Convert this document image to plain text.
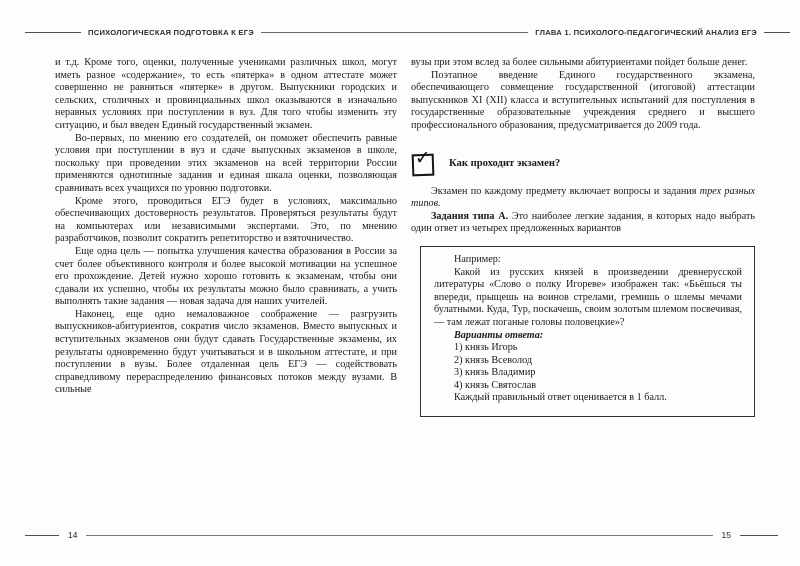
ПСИХОЛОГИЧЕСКАЯ ПОДГОТОВКА К ЕГЭ	ГЛАВА 1. ПСИХОЛОГО-ПЕДАГОГИЧЕСКИЙ АНАЛИЗ ЕГЭ

и т.д. Кроме того, оценки, полученные учениками различных школ, могут иметь разное «содержание», то есть «пятерка» в одном аттестате может совершенно не равняться «пятерке» в другом. Выпускники городских и сельских, столичных и провинциальных школ оказываются в изначально неравных условиях при поступлении в вуз. Для того чтобы изменить эту ситуацию, и был введен Единый государственный экзамен.

Во-первых, по мнению его создателей, он поможет обеспечить равные условия при поступлении в вуз и сдаче выпускных экзаменов в школе, поскольку при проведении этих экзаменов на всей территории России применяются однотипные задания и единая шкала оценки, позволяющая сравнивать всех учащихся по уровню подготовки.

Кроме этого, проводиться ЕГЭ будет в условиях, максимально обеспечивающих достоверность результатов. Проверяться результаты будут на компьютерах или независимыми экспертами. Это, по мнению разработчиков, позволит сократить репетиторство и взяточничество.

Еще одна цель — попытка улучшения качества образования в России за счет более объективного контроля и более высокой мотивации на успешное его прохождение. Детей нужно хорошо готовить к экзаменам, чтобы они сдавали их успешно, чтобы их результаты можно было сравнивать, а учить выполнять такие задания — новая задача для наших учителей.

Наконец, еще одно немаловажное соображение — разгрузить выпускников-абитуриентов, сократив число экзаменов. Вместо выпускных и вступительных экзаменов они будут сдавать Государственные экзамены, их результаты одновременно будут учитываться и в школьном аттестате, и при поступлении в вузы. Более отдаленная цель ЕГЭ — содействовать справедливому перераспределению финансовых потоков между вузами. В сильные

вузы при этом вслед за более сильными абитуриентами пойдет больше денег.

Поэтапное введение Единого государственного экзамена, обеспечивающего совмещение государственной (итоговой) аттестации выпускников XI (XII) класса и вступительных испытаний для поступления в государственные образовательные учреждения среднего и высшего профессионального образования, предусматривается до 2009 года.

✓ Как проходит экзамен?

Экзамен по каждому предмету включает вопросы и задания трех разных типов.

Задания типа А. Это наиболее легкие задания, в которых надо выбрать один ответ из четырех предложенных вариантов

Например:

Какой из русских князей в произведении древнерусской литературы «Слово о полку Игореве» изображен так: «Бьёшься ты впереди, прыщешь на воинов стрелами, гремишь о шлемы мечами булатными. Куда, Тур, поскачешь, своим золотым шлемом посвечивая, — там лежат поганые головы половецкие»?

Варианты ответа:

1) князь Игорь
2) князь Всеволод
3) князь Владимир
4) князь Святослав

Каждый правильный ответ оценивается в 1 балл.

14	15
